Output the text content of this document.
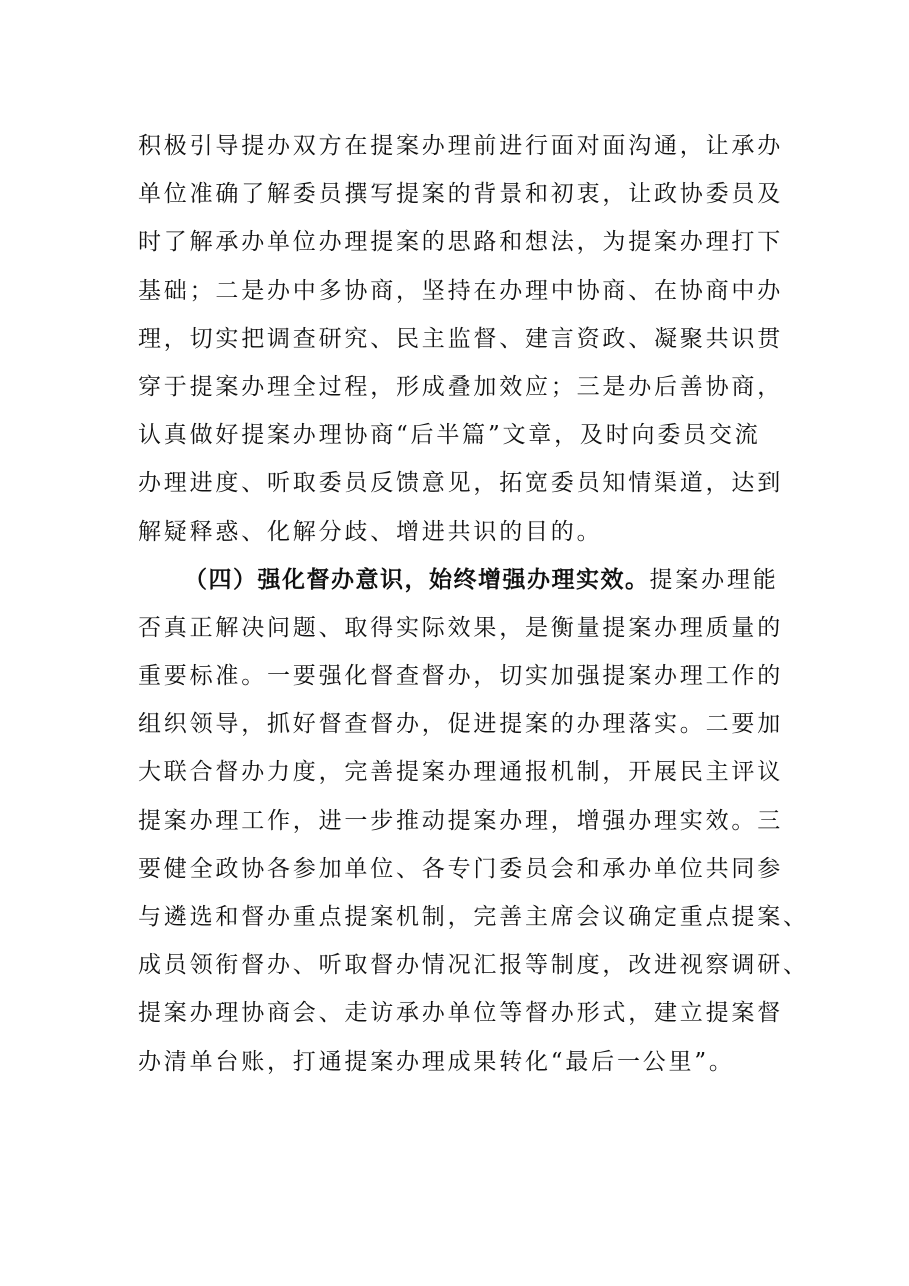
积极引导提办双方在提案办理前进行面对面沟通，让承办
单位准确了解委员撰写提案的背景和初衷，让政协委员及
时了解承办单位办理提案的思路和想法，为提案办理打下
基础；二是办中多协商，坚持在办理中协商、在协商中办
理，切实把调查研究、民主监督、建言资政、凝聚共识贯
穿于提案办理全过程，形成叠加效应；三是办后善协商，
认真做好提案办理协商“后半篇”文章，及时向委员交流
办理进度、听取委员反馈意见，拓宽委员知情渠道，达到
解疑释惑、化解分歧、增进共识的目的。
（四）强化督办意识，始终增强办理实效。提案办理能
否真正解决问题、取得实际效果，是衡量提案办理质量的
重要标准。一要强化督查督办，切实加强提案办理工作的
组织领导，抓好督查督办，促进提案的办理落实。二要加
大联合督办力度，完善提案办理通报机制，开展民主评议
提案办理工作，进一步推动提案办理，增强办理实效。三
要健全政协各参加单位、各专门委员会和承办单位共同参
与遴选和督办重点提案机制，完善主席会议确定重点提案、
成员领衔督办、听取督办情况汇报等制度，改进视察调研、
提案办理协商会、走访承办单位等督办形式，建立提案督
办清单台账，打通提案办理成果转化“最后一公里”。
